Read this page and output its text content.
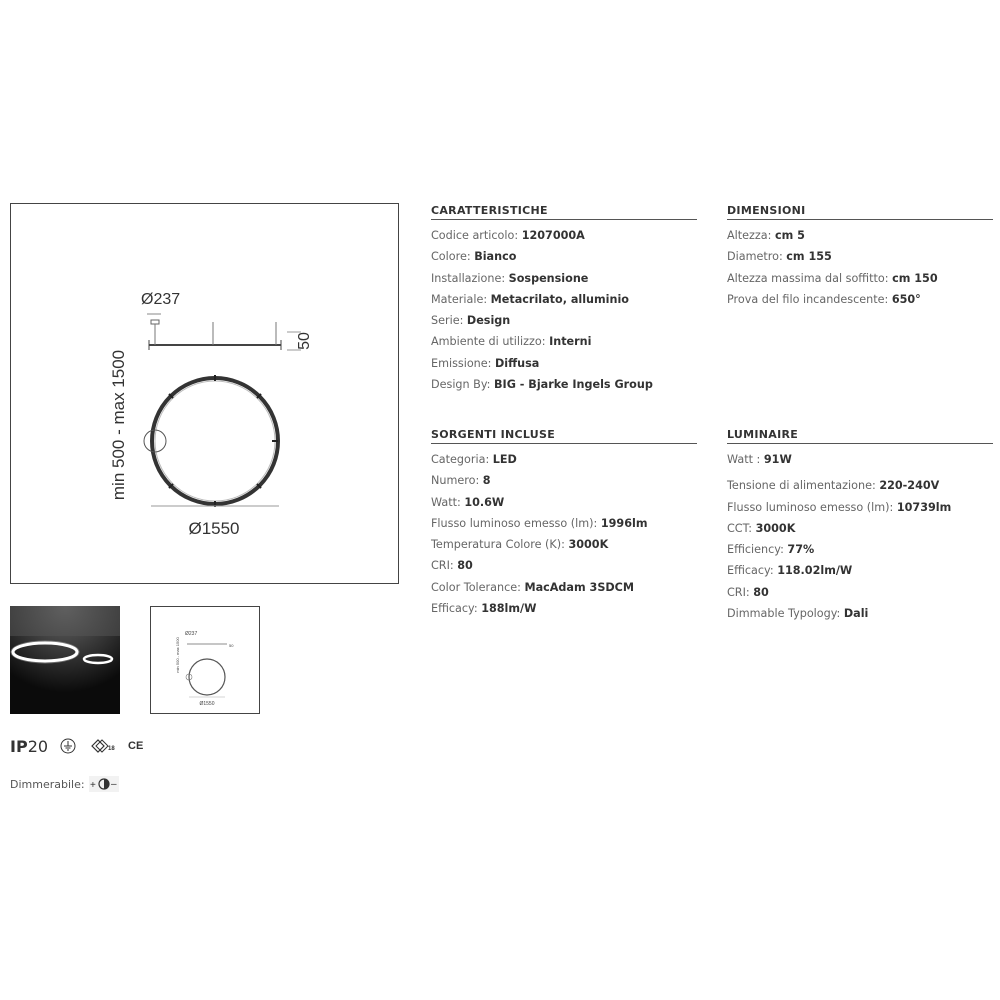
min 500 - max 1500
Ø237
50
Ø1550
Ø237
min 500 - max 1500	50
Ø1550
IP20	18 CE
Dimmerabile: + –
CARATTERISTICHE
Codice articolo: 1207000A
Colore: Bianco
Installazione: Sospensione
Materiale: Metacrilato, alluminio
Serie: Design
Ambiente di utilizzo: Interni
Emissione: Diffusa
Design By: BIG - Bjarke Ingels Group
DIMENSIONI
Altezza: cm 5
Diametro: cm 155
Altezza massima dal soffitto: cm 150
Prova del filo incandescente: 650°
SORGENTI INCLUSE
Categoria: LED
Numero: 8
Watt: 10.6W
Flusso luminoso emesso (lm): 1996lm
Temperatura Colore (K): 3000K
CRI: 80
Color Tolerance: MacAdam 3SDCM
Efficacy: 188lm/W
LUMINAIRE
Watt : 91W
Tensione di alimentazione: 220-240V
Flusso luminoso emesso (lm): 10739lm
CCT: 3000K
Efficiency: 77%
Efficacy: 118.02lm/W
CRI: 80
Dimmable Typology: Dali
